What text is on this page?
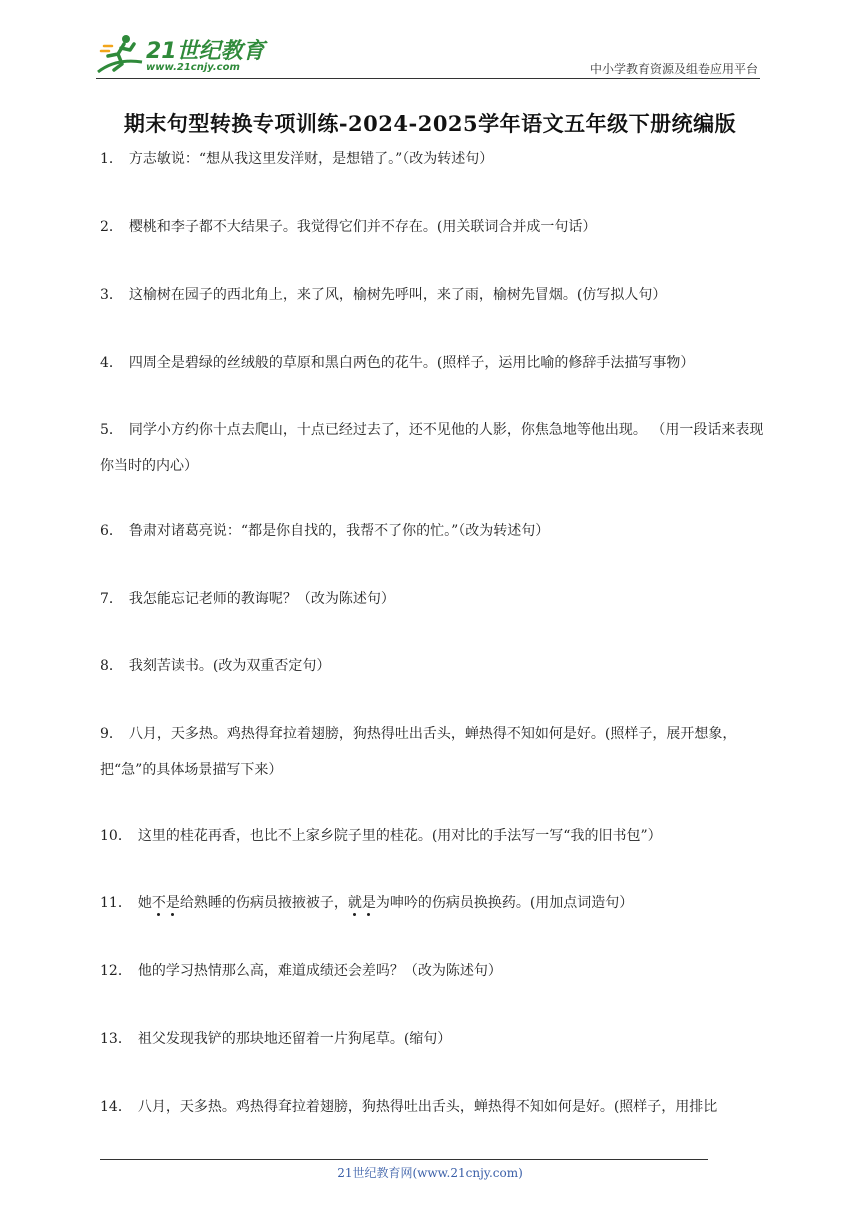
21世纪教育
www.21cnjy.com	中小学教育资源及组卷应用平台
期末句型转换专项训练-2024-2025学年语文五年级下册统编版
1． 方志敏说：“想从我这里发洋财，是想错了。”（改为转述句）
2． 樱桃和李子都不大结果子。我觉得它们并不存在。(用关联词合并成一句话）
3． 这榆树在园子的西北角上，来了风，榆树先呼叫，来了雨，榆树先冒烟。(仿写拟人句）
4． 四周全是碧绿的丝绒般的草原和黑白两色的花牛。(照样子，运用比喻的修辞手法描写事物）
5． 同学小方约你十点去爬山，十点已经过去了，还不见他的人影，你焦急地等他出现。 （用一段话来表现你当时的内心）
6． 鲁肃对诸葛亮说：“都是你自找的，我帮不了你的忙。”（改为转述句）
7． 我怎能忘记老师的教诲呢？（改为陈述句）
8． 我刻苦读书。(改为双重否定句）
9． 八月，天多热。鸡热得耷拉着翅膀，狗热得吐出舌头，蝉热得不知如何是好。(照样子，展开想象，把“急”的具体场景描写下来）
10． 这里的桂花再香，也比不上家乡院子里的桂花。(用对比的手法写一写“我的旧书包”）
11． 她不是给熟睡的伤病员掖掖被子，就是为呻吟的伤病员换换药。(用加点词造句）
12． 他的学习热情那么高，难道成绩还会差吗？（改为陈述句）
13． 祖父发现我铲的那块地还留着一片狗尾草。(缩句）
14． 八月，天多热。鸡热得耷拉着翅膀，狗热得吐出舌头，蝉热得不知如何是好。(照样子，用排比
21世纪教育网(www.21cnjy.com)
